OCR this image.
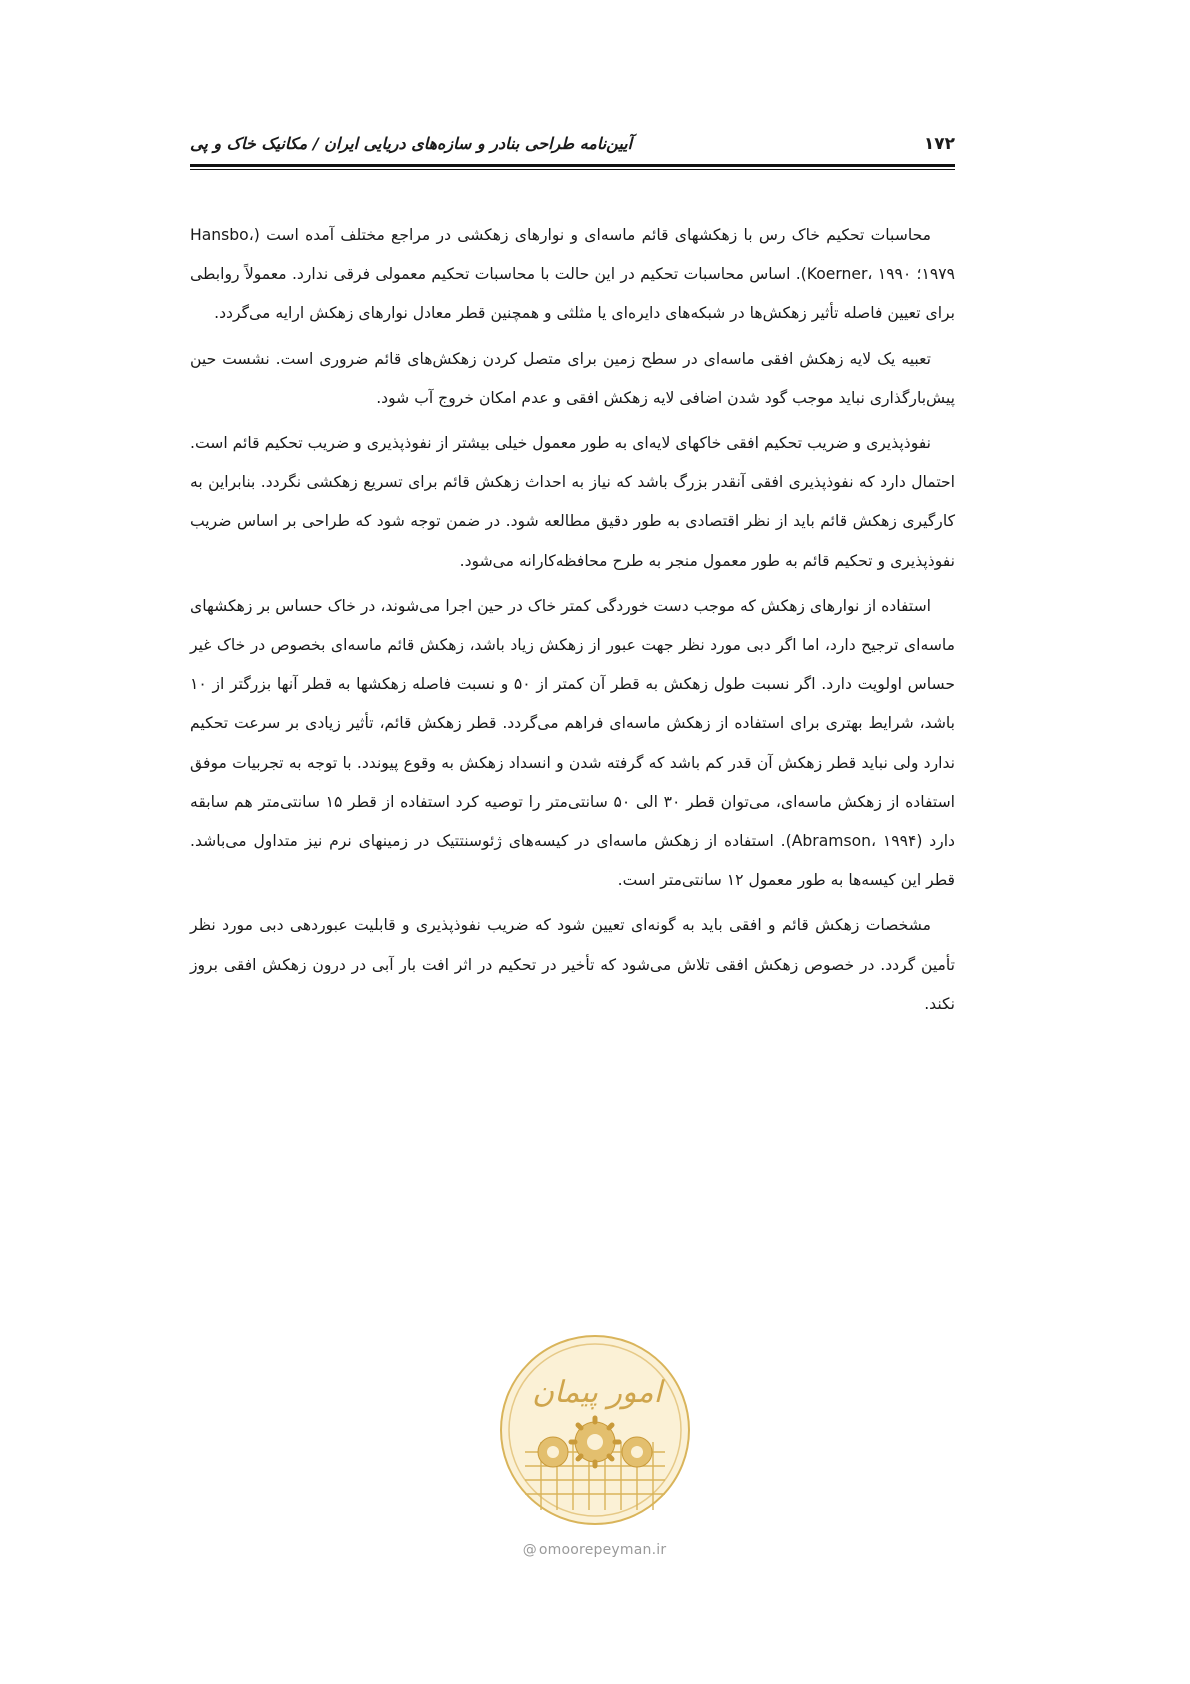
۱۷۲
آیین‌نامه طراحی بنادر و سازه‌های دریایی ایران / مکانیک خاک و پی

محاسبات تحکیم خاک رس با زهکشهای قائم ماسه‌ای و نوارهای زهکشی در مراجع مختلف آمده است (Hansbo، ۱۹۷۹؛ Koerner، ۱۹۹۰). اساس محاسبات تحکیم در این حالت با محاسبات تحکیم معمولی فرقی ندارد. معمولاً روابطی برای تعیین فاصله تأثیر زهکش‌ها در شبکه‌های دایره‌ای یا مثلثی و همچنین قطر معادل نوارهای زهکش ارایه می‌گردد.

تعبیه یک لایه زهکش افقی ماسه‌ای در سطح زمین برای متصل کردن زهکش‌های قائم ضروری است. نشست حین پیش‌بارگذاری نباید موجب گود شدن اضافی لایه زهکش افقی و عدم امکان خروج آب شود.

نفوذپذیری و ضریب تحکیم افقی خاکهای لایه‌ای به طور معمول خیلی بیشتر از نفوذپذیری و ضریب تحکیم قائم است. احتمال دارد که نفوذپذیری افقی آنقدر بزرگ باشد که نیاز به احداث زهکش قائم برای تسریع زهکشی نگردد. بنابراین به کارگیری زهکش قائم باید از نظر اقتصادی به طور دقیق مطالعه شود. در ضمن توجه شود که طراحی بر اساس ضریب نفوذپذیری و تحکیم قائم به طور معمول منجر به طرح محافظه‌کارانه می‌شود.

استفاده از نوارهای زهکش که موجب دست خوردگی کمتر خاک در حین اجرا می‌شوند، در خاک حساس بر زهکشهای ماسه‌ای ترجیح دارد، اما اگر دبی مورد نظر جهت عبور از زهکش زیاد باشد، زهکش قائم ماسه‌ای بخصوص در خاک غیر حساس اولویت دارد. اگر نسبت طول زهکش به قطر آن کمتر از ۵۰ و نسبت فاصله زهکشها به قطر آنها بزرگتر از ۱۰ باشد، شرایط بهتری برای استفاده از زهکش ماسه‌ای فراهم می‌گردد. قطر زهکش قائم، تأثیر زیادی بر سرعت تحکیم ندارد ولی نباید قطر زهکش آن قدر کم باشد که گرفته شدن و انسداد زهکش به وقوع پیوندد. با توجه به تجربیات موفق استفاده از زهکش ماسه‌ای، می‌توان قطر ۳۰ الی ۵۰ سانتی‌متر را توصیه کرد استفاده از قطر ۱۵ سانتی‌متر هم سابقه دارد (Abramson، ۱۹۹۴). استفاده از زهکش ماسه‌ای در کیسه‌های ژئوسنتتیک در زمینهای نرم نیز متداول می‌باشد. قطر این کیسه‌ها به طور معمول ۱۲ سانتی‌متر است.

مشخصات زهکش قائم و افقی باید به گونه‌ای تعیین شود که ضریب نفوذپذیری و قابلیت عبوردهی دبی مورد نظر تأمین گردد. در خصوص زهکش افقی تلاش می‌شود که تأخیر در تحکیم در اثر افت بار آبی در درون زهکش افقی بروز نکند.

امور پیمان
@ omoorepeyman.ir
